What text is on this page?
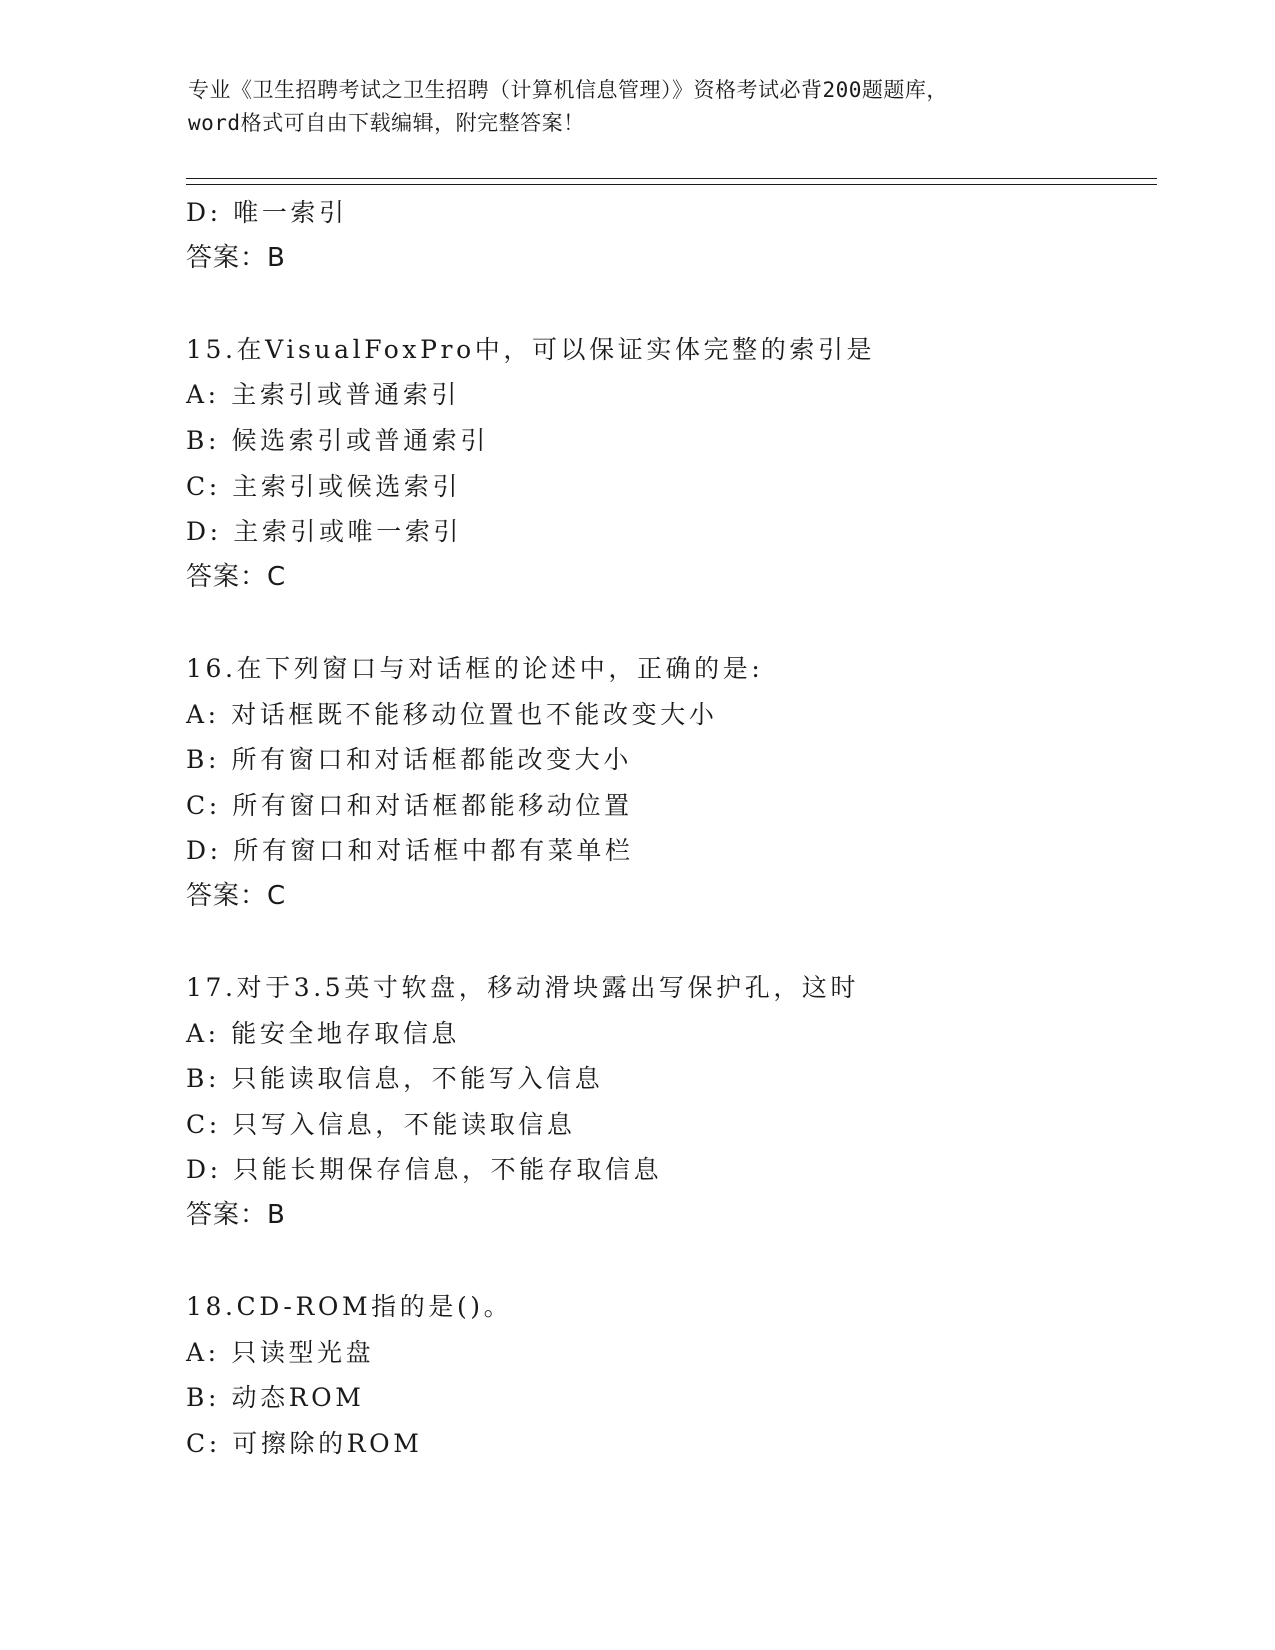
专业《卫生招聘考试之卫生招聘（计算机信息管理）》资格考试必背200题题库，
word格式可自由下载编辑，附完整答案！
D: 唯一索引
答案：B
15.在VisualFoxPro中，可以保证实体完整的索引是
A: 主索引或普通索引
B: 候选索引或普通索引
C: 主索引或候选索引
D: 主索引或唯一索引
答案：C
16.在下列窗口与对话框的论述中，正确的是:
A: 对话框既不能移动位置也不能改变大小
B: 所有窗口和对话框都能改变大小
C: 所有窗口和对话框都能移动位置
D: 所有窗口和对话框中都有菜单栏
答案：C
17.对于3.5英寸软盘，移动滑块露出写保护孔，这时
A: 能安全地存取信息
B: 只能读取信息，不能写入信息
C: 只写入信息，不能读取信息
D: 只能长期保存信息，不能存取信息
答案：B
18.CD-ROM指的是()。
A: 只读型光盘
B: 动态ROM
C: 可擦除的ROM
